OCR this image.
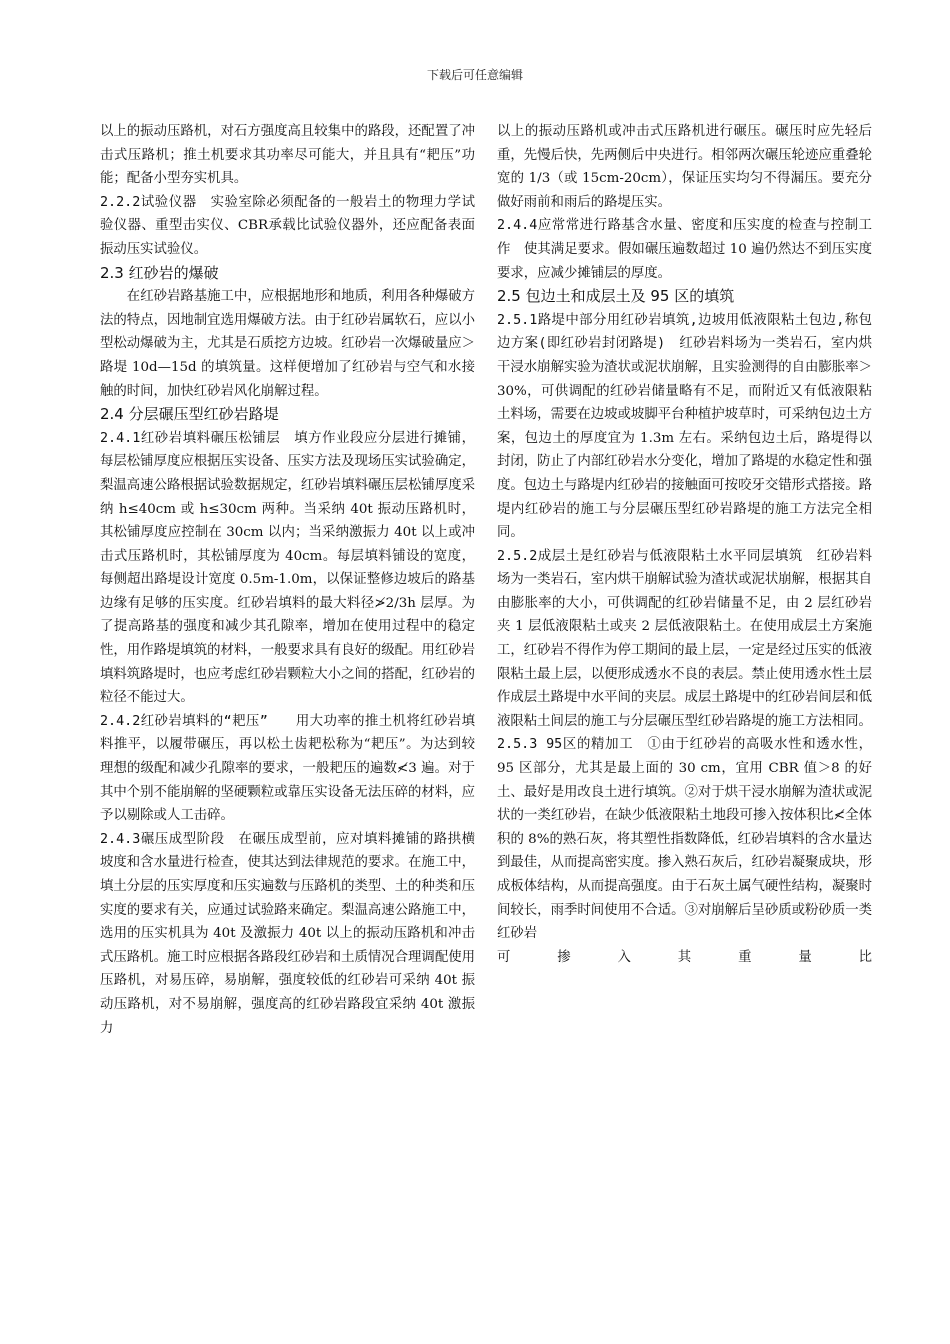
下载后可任意编辑

以上的振动压路机，对石方强度高且较集中的路段，还配置了冲击式压路机；推土机要求其功率尽可能大，并且具有“耙压”功能；配备小型夯实机具。

2.2.2试验仪器　实验室除必须配备的一般岩土的物理力学试验仪器、重型击实仪、CBR承载比试验仪器外，还应配备表面振动压实试验仪。

2.3 红砂岩的爆破

在红砂岩路基施工中，应根据地形和地质，利用各种爆破方法的特点，因地制宜选用爆破方法。由于红砂岩属软石，应以小型松动爆破为主，尤其是石质挖方边坡。红砂岩一次爆破量应＞路堤 10d—15d 的填筑量。这样便增加了红砂岩与空气和水接触的时间，加快红砂岩风化崩解过程。

2.4 分层碾压型红砂岩路堤

2.4.1红砂岩填料碾压松铺层　填方作业段应分层进行摊铺，每层松铺厚度应根据压实设备、压实方法及现场压实试验确定，梨温高速公路根据试验数据规定，红砂岩填料碾压层松铺厚度采纳 h≤40cm 或 h≤30cm 两种。当采纳 40t 振动压路机时，其松铺厚度应控制在 30cm 以内；当采纳激振力 40t 以上或冲击式压路机时，其松铺厚度为 40cm。每层填料铺设的宽度，每侧超出路堤设计宽度 0.5m-1.0m，以保证整修边坡后的路基边缘有足够的压实度。红砂岩填料的最大料径≯2/3h 层厚。为了提高路基的强度和减少其孔隙率，增加在使用过程中的稳定性，用作路堤填筑的材料，一般要求具有良好的级配。用红砂岩填料筑路堤时，也应考虑红砂岩颗粒大小之间的搭配，红砂岩的粒径不能过大。

2.4.2红砂岩填料的“耙压”　　用大功率的推土机将红砂岩填料推平，以履带碾压，再以松土齿耙松称为“耙压”。为达到较理想的级配和减少孔隙率的要求，一般耙压的遍数≮3 遍。对于其中个别不能崩解的坚硬颗粒或靠压实设备无法压碎的材料，应予以剔除或人工击碎。

2.4.3碾压成型阶段　在碾压成型前，应对填料摊铺的路拱横坡度和含水量进行检查，使其达到法律规范的要求。在施工中，填土分层的压实厚度和压实遍数与压路机的类型、土的种类和压实度的要求有关，应通过试验路来确定。梨温高速公路施工中，选用的压实机具为 40t 及激振力 40t 以上的振动压路机和冲击式压路机。施工时应根据各路段红砂岩和土质情况合理调配使用压路机，对易压碎，易崩解，强度较低的红砂岩可采纳 40t 振动压路机，对不易崩解，强度高的红砂岩路段宜采纳 40t 激振力

以上的振动压路机或冲击式压路机进行碾压。碾压时应先轻后重，先慢后快，先两侧后中央进行。相邻两次碾压轮迹应重叠轮宽的 1/3（或 15cm-20cm），保证压实均匀不得漏压。要充分做好雨前和雨后的路堤压实。

2.4.4应常常进行路基含水量、密度和压实度的检查与控制工作　使其满足要求。假如碾压遍数超过 10 遍仍然达不到压实度要求，应减少摊铺层的厚度。

2.5 包边土和成层土及 95 区的填筑

2.5.1路堤中部分用红砂岩填筑,边坡用低液限粘土包边,称包边方案(即红砂岩封闭路堤)　红砂岩料场为一类岩石，室内烘干浸水崩解实验为渣状或泥状崩解，且实验测得的自由膨胀率＞30%，可供调配的红砂岩储量略有不足，而附近又有低液限粘土料场，需要在边坡或坡脚平台种植护坡草时，可采纳包边土方案，包边土的厚度宜为 1.3m 左右。采纳包边土后，路堤得以封闭，防止了内部红砂岩水分变化，增加了路堤的水稳定性和强度。包边土与路堤内红砂岩的接触面可按咬牙交错形式搭接。路堤内红砂岩的施工与分层碾压型红砂岩路堤的施工方法完全相同。

2.5.2成层土是红砂岩与低液限粘土水平同层填筑　红砂岩料场为一类岩石，室内烘干崩解试验为渣状或泥状崩解，根据其自由膨胀率的大小，可供调配的红砂岩储量不足，由 2 层红砂岩夹 1 层低液限粘土或夹 2 层低液限粘土。在使用成层土方案施工，红砂岩不得作为停工期间的最上层，一定是经过压实的低液限粘土最上层，以便形成透水不良的表层。禁止使用透水性土层作成层土路堤中水平间的夹层。成层土路堤中的红砂岩间层和低液限粘土间层的施工与分层碾压型红砂岩路堤的施工方法相同。

2.5.3 95区的精加工　①由于红砂岩的高吸水性和透水性，95 区部分，尤其是最上面的 30 cm，宜用 CBR 值＞8 的好土、最好是用改良土进行填筑。②对于烘干浸水崩解为渣状或泥状的一类红砂岩，在缺少低液限粘土地段可掺入按体积比≮全体积的 8%的熟石灰，将其塑性指数降低，红砂岩填料的含水量达到最佳，从而提高密实度。掺入熟石灰后，红砂岩凝聚成块，形成板体结构，从而提高强度。由于石灰土属气硬性结构，凝聚时间较长，雨季时间使用不合适。③对崩解后呈砂质或粉砂质一类红砂岩

可　　掺　　入　　其　　重　　量　　比
